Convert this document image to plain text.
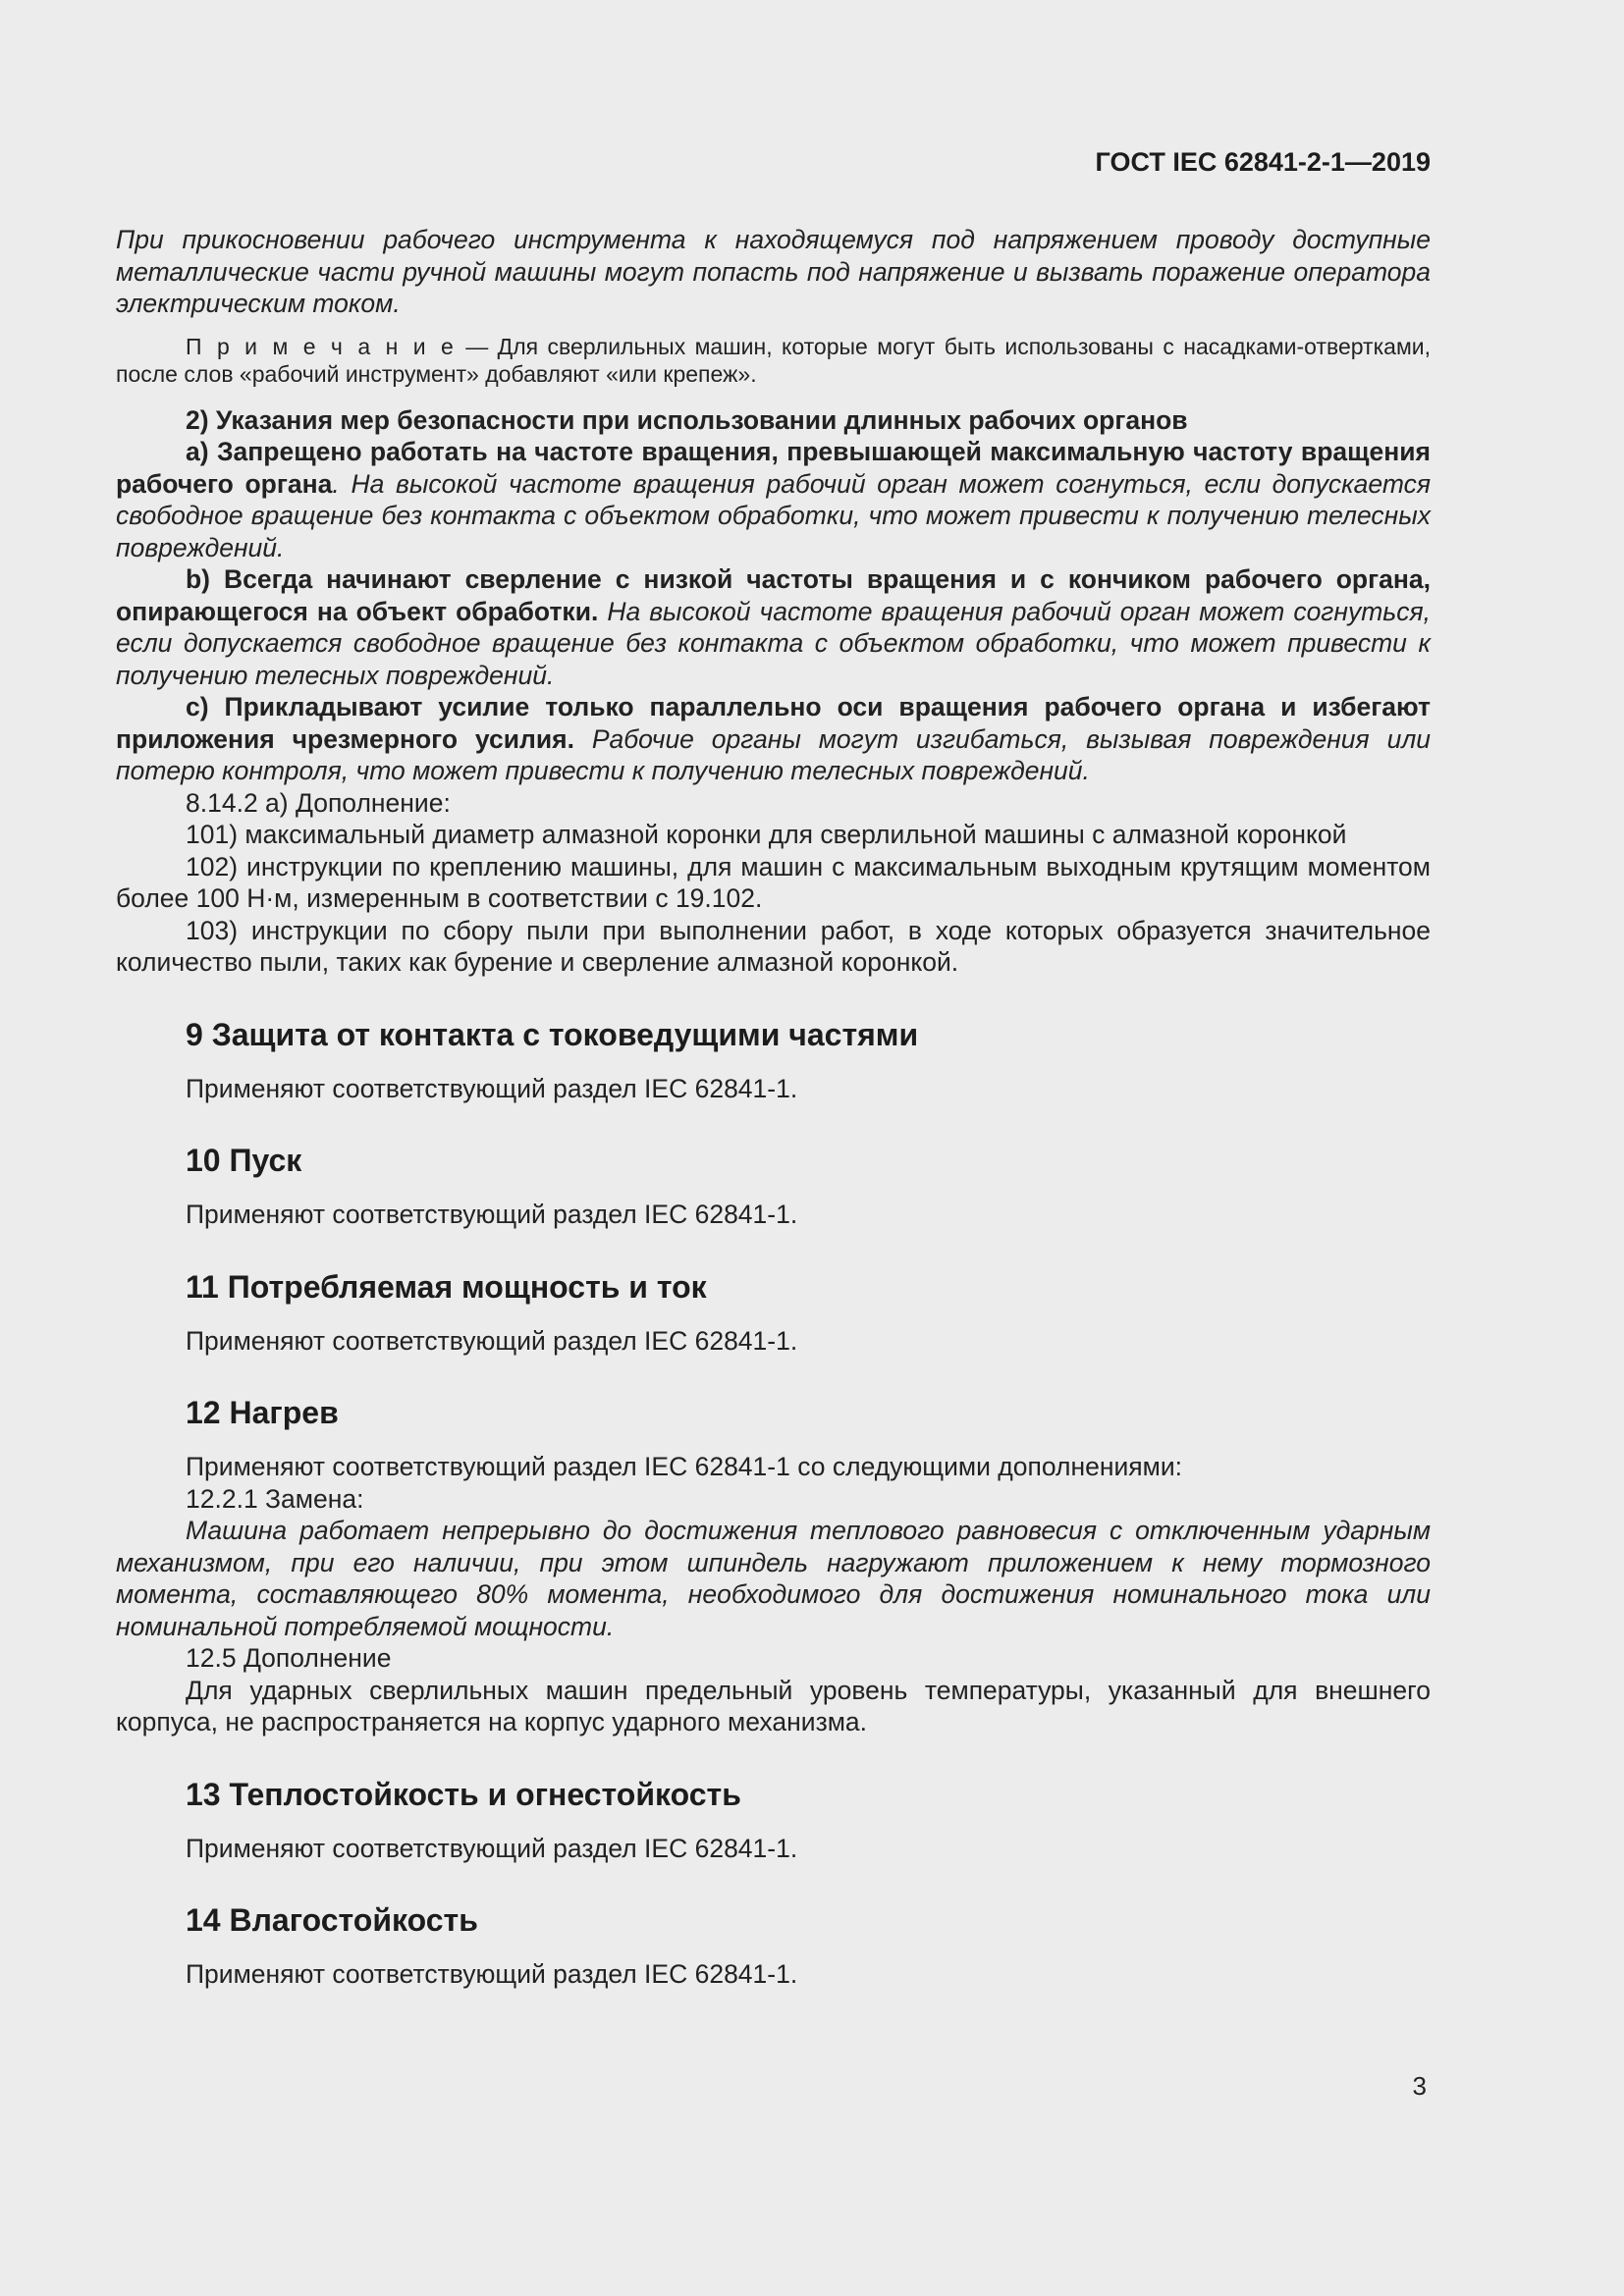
ГОСТ IEC 62841-2-1—2019

При прикосновении рабочего инструмента к находящемуся под напряжением проводу доступные металлические части ручной машины могут попасть под напряжение и вызвать поражение оператора электрическим током.

П р и м е ч а н и е — Для сверлильных машин, которые могут быть использованы с насадками-отвертками, после слов «рабочий инструмент» добавляют «или крепеж».

2) Указания мер безопасности при использовании длинных рабочих органов

a) Запрещено работать на частоте вращения, превышающей максимальную частоту вращения рабочего органа. На высокой частоте вращения рабочий орган может согнуться, если допускается свободное вращение без контакта с объектом обработки, что может привести к получению телесных повреждений.

b) Всегда начинают сверление с низкой частоты вращения и с кончиком рабочего органа, опирающегося на объект обработки. На высокой частоте вращения рабочий орган может согнуться, если допускается свободное вращение без контакта с объектом обработки, что может привести к получению телесных повреждений.

c) Прикладывают усилие только параллельно оси вращения рабочего органа и избегают приложения чрезмерного усилия. Рабочие органы могут изгибаться, вызывая повреждения или потерю контроля, что может привести к получению телесных повреждений.

8.14.2 a) Дополнение:

101) максимальный диаметр алмазной коронки для сверлильной машины с алмазной коронкой

102) инструкции по креплению машины, для машин с максимальным выходным крутящим моментом более 100 Н·м, измеренным в соответствии с 19.102.

103) инструкции по сбору пыли при выполнении работ, в ходе которых образуется значительное количество пыли, таких как бурение и сверление алмазной коронкой.

9 Защита от контакта с токоведущими частями

Применяют соответствующий раздел IEC 62841-1.

10 Пуск

Применяют соответствующий раздел IEC 62841-1.

11 Потребляемая мощность и ток

Применяют соответствующий раздел IEC 62841-1.

12 Нагрев

Применяют соответствующий раздел IEC 62841-1 со следующими дополнениями:

12.2.1 Замена:

Машина работает непрерывно до достижения теплового равновесия с отключенным ударным механизмом, при его наличии, при этом шпиндель нагружают приложением к нему тормозного момента, составляющего 80% момента, необходимого для достижения номинального тока или номинальной потребляемой мощности.

12.5 Дополнение

Для ударных сверлильных машин предельный уровень температуры, указанный для внешнего корпуса, не распространяется на корпус ударного механизма.

13 Теплостойкость и огнестойкость

Применяют соответствующий раздел IEC 62841-1.

14 Влагостойкость

Применяют соответствующий раздел IEC 62841-1.

3
